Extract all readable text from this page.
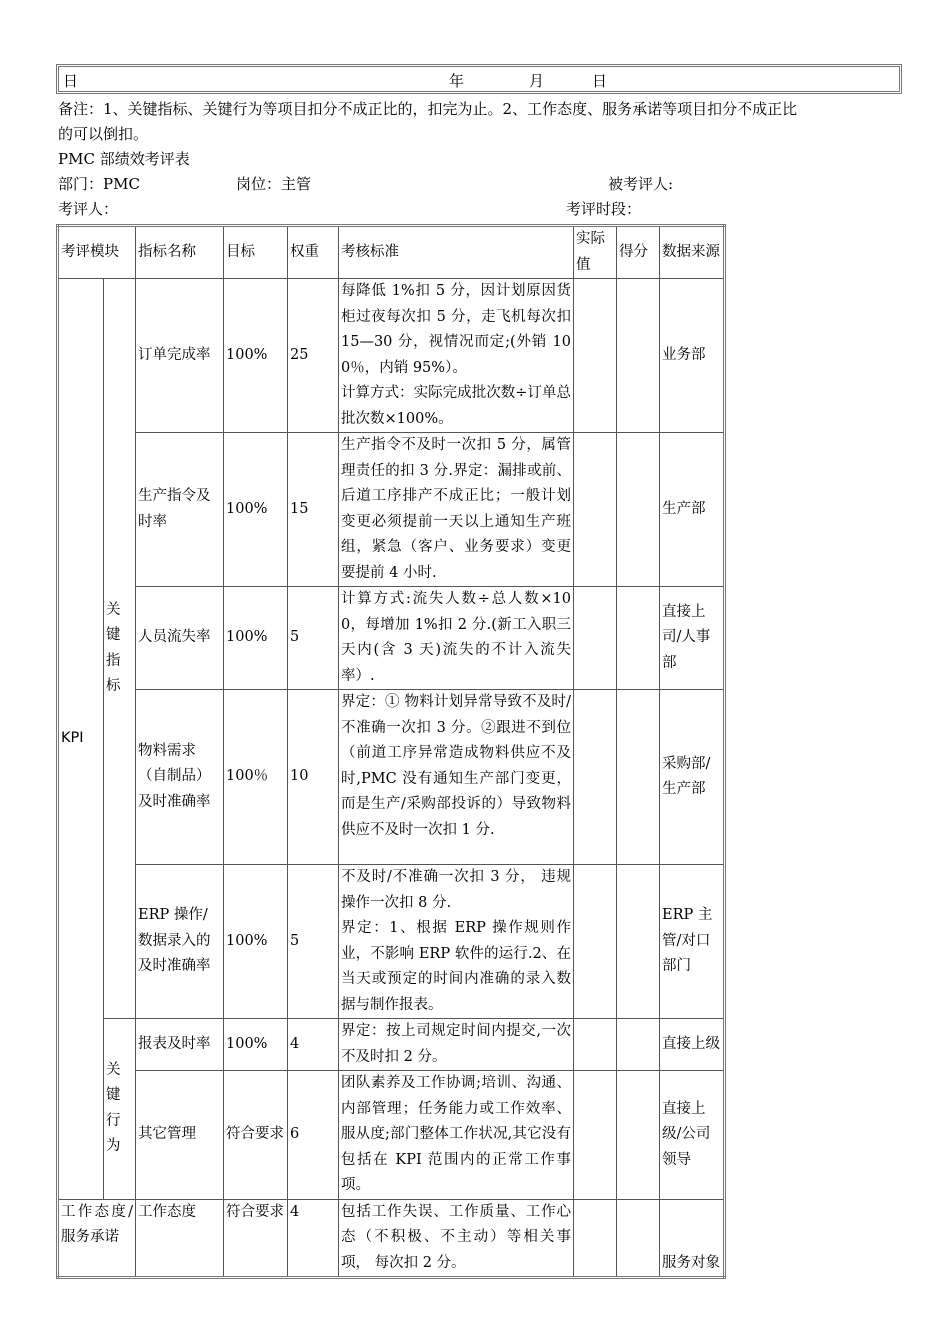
日	年	月	日
备注：1、关键指标、关键行为等项目扣分不成正比的，扣完为止。2、工作态度、服务承诺等项目扣分不成正比
的可以倒扣。
PMC 部绩效考评表
部门：PMC	岗位：主管	被考评人:
考评人：	考评时段：
考评模块		指标名称	目标	权重	考核标准	实际值	得分	数据来源
KPI	关键指标	订单完成率	100%	25	每降低 1%扣 5 分，因计划原因货柜过夜每次扣 5 分，走飞机每次扣 15—30 分，视情况而定;(外销 100％，内销 95%）。
计算方式：实际完成批次数÷订单总批次数×100%。			业务部
		生产指令及时率	100%	15	生产指令不及时一次扣 5 分，属管理责任的扣 3 分.界定：漏排或前、后道工序排产不成正比；一般计划变更必须提前一天以上通知生产班组，紧急（客户、业务要求）变更要提前 4 小时.			生产部
		人员流失率	100%	5	计算方式:流失人数÷总人数×100，每增加 1%扣 2 分.(新工入职三天内(含 3 天)流失的不计入流失率）.			直接上司/人事部
		物料需求（自制品）及时准确率	100％	10	界定：① 物料计划异常导致不及时/不准确一次扣 3 分。②跟进不到位（前道工序异常造成物料供应不及时,PMC 没有通知生产部门变更，而是生产/采购部投诉的）导致物料供应不及时一次扣 1 分.			采购部/生产部
		ERP 操作/数据录入的及时准确率	100%	5	不及时/不准确一次扣 3 分， 违规操作一次扣 8 分.
界定：1、根据 ERP 操作规则作业，不影响 ERP 软件的运行.2、在当天或预定的时间内准确的录入数据与制作报表。			ERP 主管/对口部门
	关键行为	报表及时率	100%	4	界定：按上司规定时间内提交,一次不及时扣 2 分。			直接上级
		其它管理	符合要求	6	团队素养及工作协调;培训、沟通、内部管理；任务能力或工作效率、服从度;部门整体工作状况,其它没有包括在 KPI 范围内的正常工作事项。			直接上级/公司领导
工作态度/服务承诺		工作态度	符合要求	4	包括工作失误、工作质量、工作心态（不积极、不主动）等相关事项， 每次扣 2 分。			服务对象
